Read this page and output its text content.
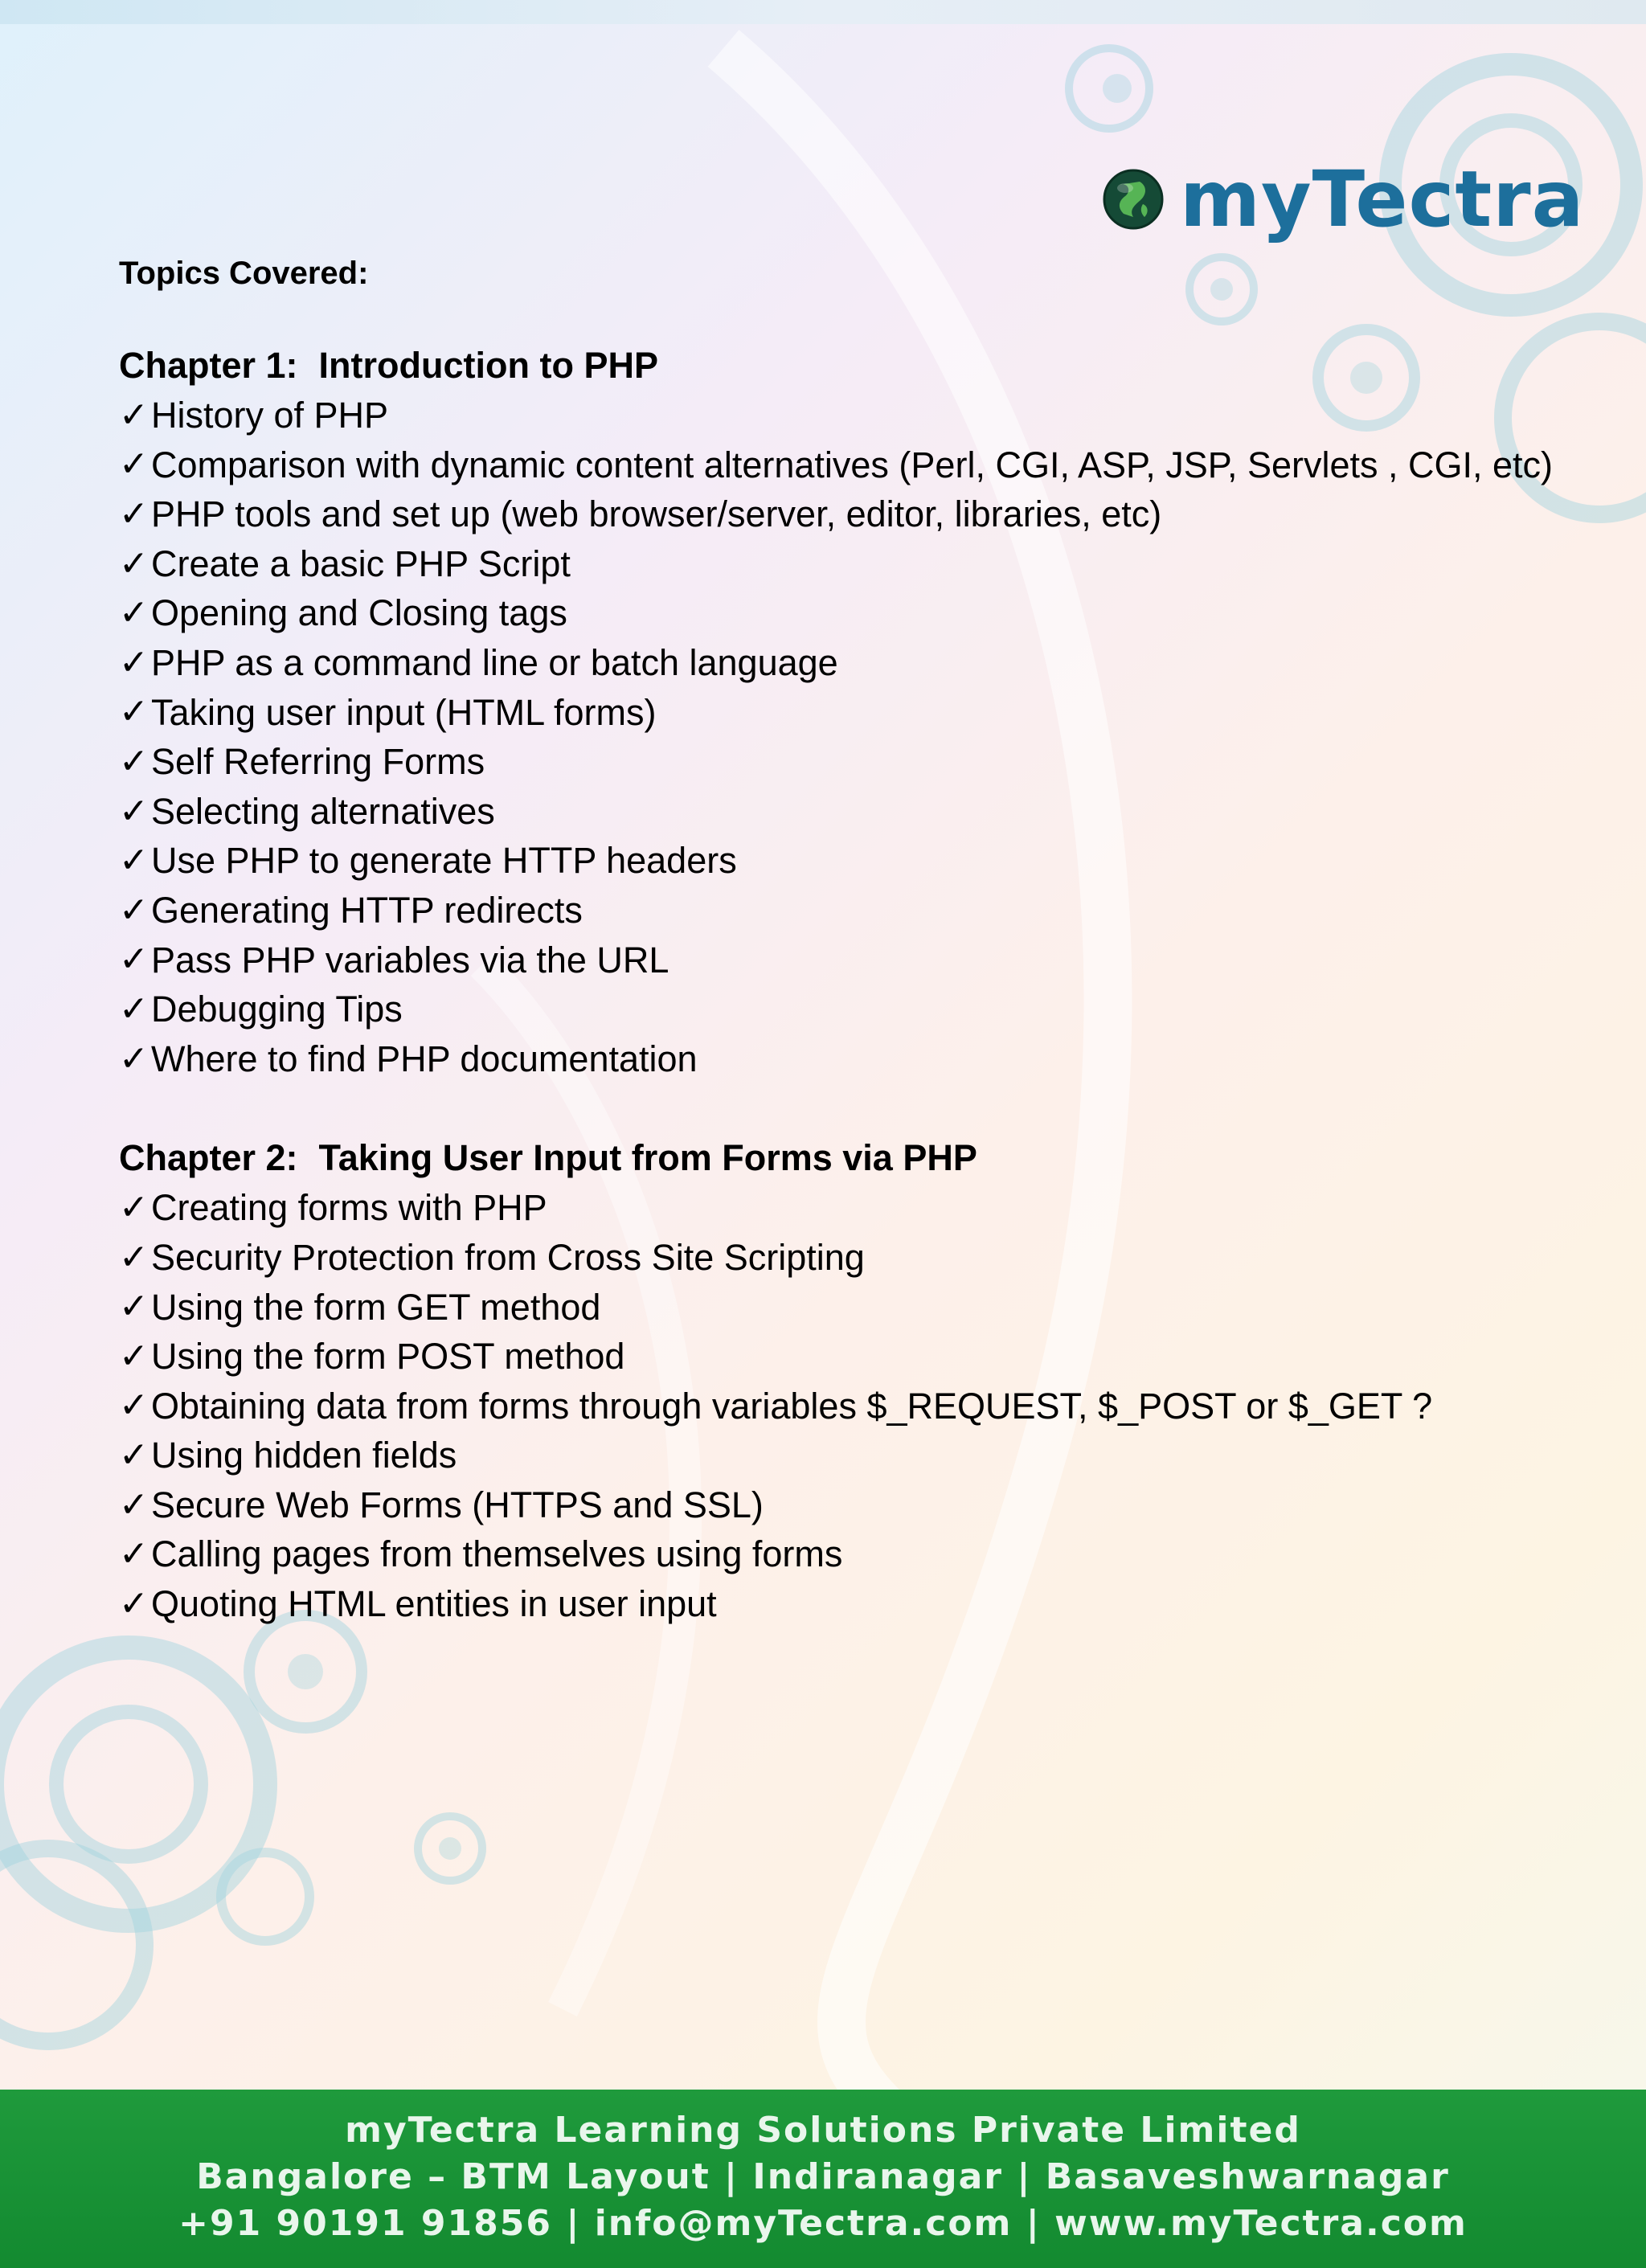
myTectra

Topics Covered:

Chapter 1: Introduction to PHP
✓ History of PHP
✓ Comparison with dynamic content alternatives (Perl, CGI, ASP, JSP, Servlets , CGI, etc)
✓ PHP tools and set up (web browser/server, editor, libraries, etc)
✓ Create a basic PHP Script
✓ Opening and Closing tags
✓ PHP as a command line or batch language
✓ Taking user input (HTML forms)
✓ Self Referring Forms
✓ Selecting alternatives
✓ Use PHP to generate HTTP headers
✓ Generating HTTP redirects
✓ Pass PHP variables via the URL
✓ Debugging Tips
✓ Where to find PHP documentation
Chapter 2: Taking User Input from Forms via PHP
✓ Creating forms with PHP
✓ Security Protection from Cross Site Scripting
✓ Using the form GET method
✓ Using the form POST method
✓ Obtaining data from forms through variables $_REQUEST, $_POST or $_GET ?
✓ Using hidden fields
✓ Secure Web Forms (HTTPS and SSL)
✓ Calling pages from themselves using forms
✓ Quoting HTML entities in user input
myTectra Learning Solutions Private Limited
Bangalore – BTM Layout | Indiranagar | Basaveshwarnagar
+91 90191 91856 | info@myTectra.com | www.myTectra.com
